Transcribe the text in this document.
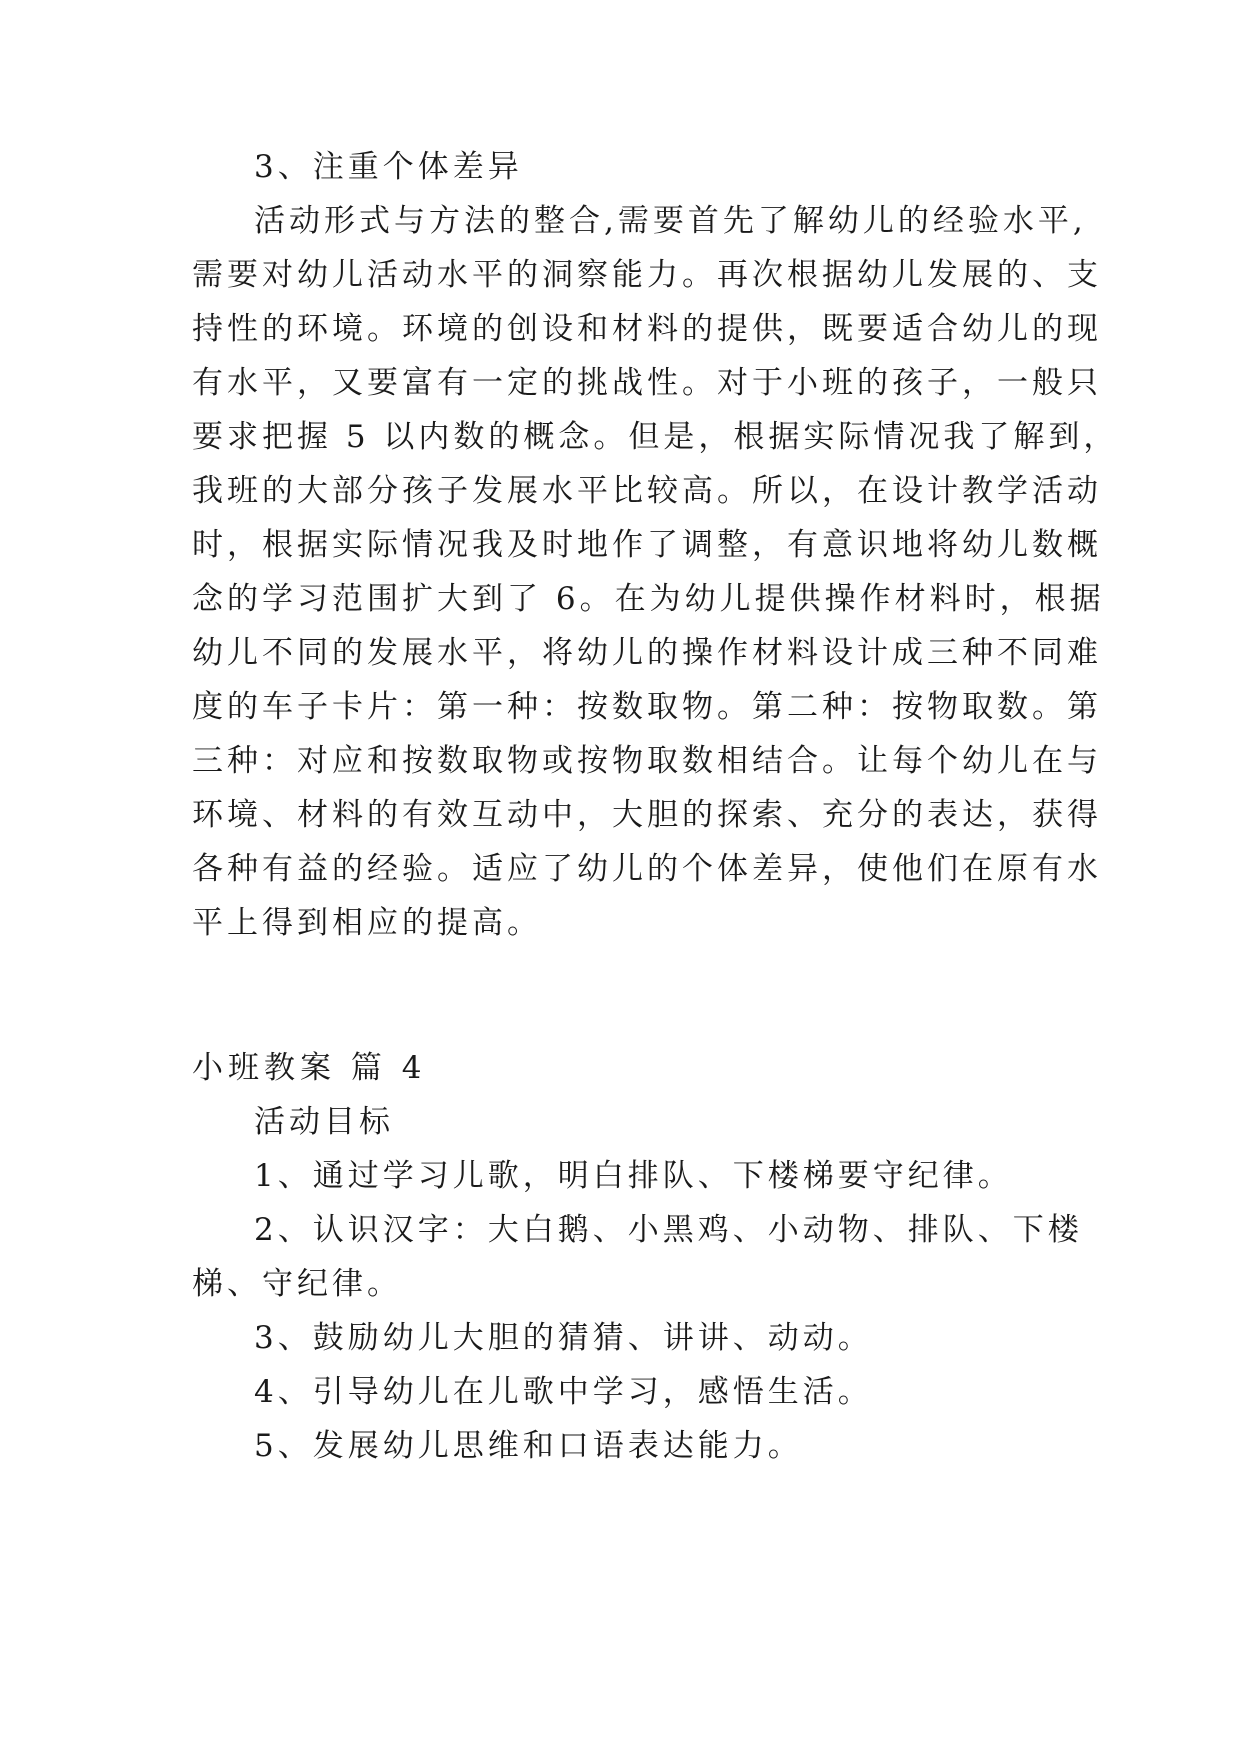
3、注重个体差异
活动形式与方法的整合,需要首先了解幼儿的经验水平,
需要对幼儿活动水平的洞察能力。再次根据幼儿发展的、支
持性的环境。环境的创设和材料的提供，既要适合幼儿的现
有水平，又要富有一定的挑战性。对于小班的孩子，一般只
要求把握 5 以内数的概念。但是，根据实际情况我了解到，
我班的大部分孩子发展水平比较高。所以，在设计教学活动
时，根据实际情况我及时地作了调整，有意识地将幼儿数概
念的学习范围扩大到了 6。在为幼儿提供操作材料时，根据
幼儿不同的发展水平，将幼儿的操作材料设计成三种不同难
度的车子卡片：第一种：按数取物。第二种：按物取数。第
三种：对应和按数取物或按物取数相结合。让每个幼儿在与
环境、材料的有效互动中，大胆的探索、充分的表达，获得
各种有益的经验。适应了幼儿的个体差异，使他们在原有水
平上得到相应的提高。
小班教案 篇 4
活动目标
1、通过学习儿歌，明白排队、下楼梯要守纪律。
2、认识汉字：大白鹅、小黑鸡、小动物、排队、下楼
梯、守纪律。
3、鼓励幼儿大胆的猜猜、讲讲、动动。
4、引导幼儿在儿歌中学习，感悟生活。
5、发展幼儿思维和口语表达能力。
